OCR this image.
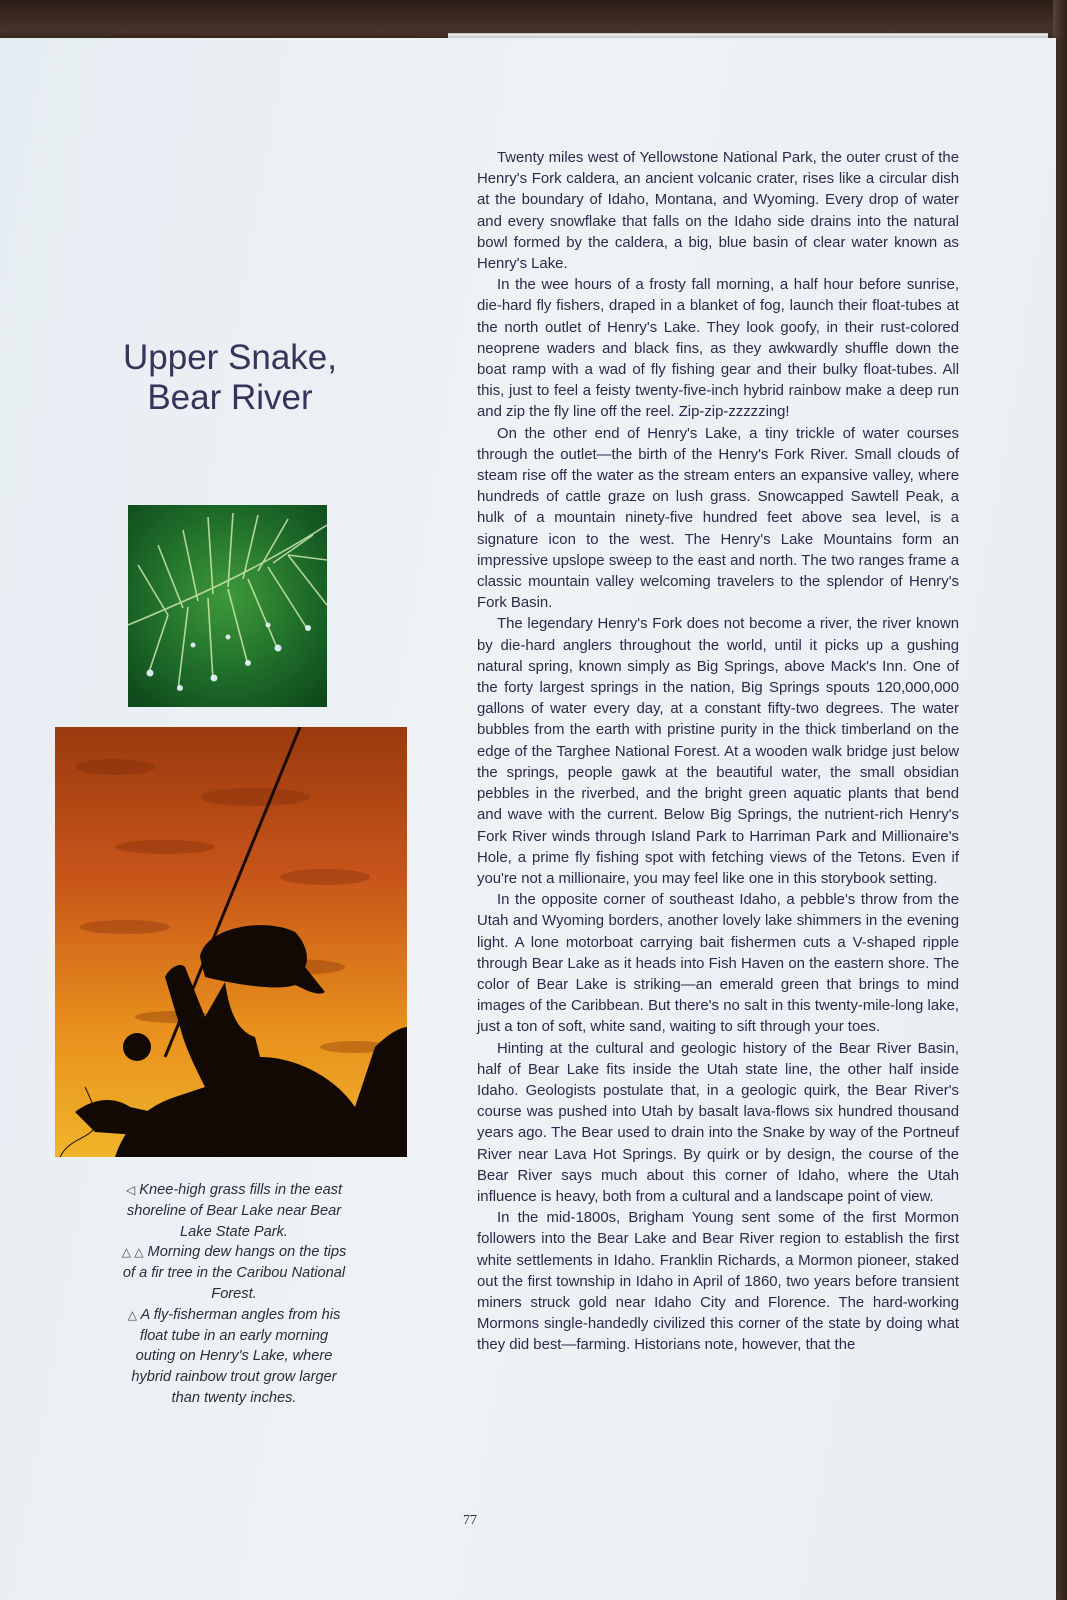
Upper Snake,
Bear River

◁ Knee-high grass fills in the east shoreline of Bear Lake near Bear Lake State Park.

△ △ Morning dew hangs on the tips of a fir tree in the Caribou National Forest.

△ A fly-fisherman angles from his float tube in an early morning outing on Henry's Lake, where hybrid rainbow trout grow larger than twenty inches.

Twenty miles west of Yellowstone National Park, the outer crust of the Henry's Fork caldera, an ancient volcanic crater, rises like a circular dish at the boundary of Idaho, Montana, and Wyoming. Every drop of water and every snowflake that falls on the Idaho side drains into the natural bowl formed by the caldera, a big, blue basin of clear water known as Henry's Lake.

In the wee hours of a frosty fall morning, a half hour before sunrise, die-hard fly fishers, draped in a blanket of fog, launch their float-tubes at the north outlet of Henry's Lake. They look goofy, in their rust-colored neoprene waders and black fins, as they awkwardly shuffle down the boat ramp with a wad of fly fishing gear and their bulky float-tubes. All this, just to feel a feisty twenty-five-inch hybrid rainbow make a deep run and zip the fly line off the reel. Zip-zip-zzzzzing!

On the other end of Henry's Lake, a tiny trickle of water courses through the outlet—the birth of the Henry's Fork River. Small clouds of steam rise off the water as the stream enters an expansive valley, where hundreds of cattle graze on lush grass. Snowcapped Sawtell Peak, a hulk of a mountain ninety-five hundred feet above sea level, is a signature icon to the west. The Henry's Lake Mountains form an impressive upslope sweep to the east and north. The two ranges frame a classic mountain valley welcoming travelers to the splendor of Henry's Fork Basin.

The legendary Henry's Fork does not become a river, the river known by die-hard anglers throughout the world, until it picks up a gushing natural spring, known simply as Big Springs, above Mack's Inn. One of the forty largest springs in the nation, Big Springs spouts 120,000,000 gallons of water every day, at a constant fifty-two degrees. The water bubbles from the earth with pristine purity in the thick timberland on the edge of the Targhee National Forest. At a wooden walk bridge just below the springs, people gawk at the beautiful water, the small obsidian pebbles in the riverbed, and the bright green aquatic plants that bend and wave with the current. Below Big Springs, the nutrient-rich Henry's Fork River winds through Island Park to Harriman Park and Millionaire's Hole, a prime fly fishing spot with fetching views of the Tetons. Even if you're not a millionaire, you may feel like one in this storybook setting.

In the opposite corner of southeast Idaho, a pebble's throw from the Utah and Wyoming borders, another lovely lake shimmers in the evening light. A lone motorboat carrying bait fishermen cuts a V-shaped ripple through Bear Lake as it heads into Fish Haven on the eastern shore. The color of Bear Lake is striking—an emerald green that brings to mind images of the Caribbean. But there's no salt in this twenty-mile-long lake, just a ton of soft, white sand, waiting to sift through your toes.

Hinting at the cultural and geologic history of the Bear River Basin, half of Bear Lake fits inside the Utah state line, the other half inside Idaho. Geologists postulate that, in a geologic quirk, the Bear River's course was pushed into Utah by basalt lava-flows six hundred thousand years ago. The Bear used to drain into the Snake by way of the Portneuf River near Lava Hot Springs. By quirk or by design, the course of the Bear River says much about this corner of Idaho, where the Utah influence is heavy, both from a cultural and a landscape point of view.

In the mid-1800s, Brigham Young sent some of the first Mormon followers into the Bear Lake and Bear River region to establish the first white settlements in Idaho. Franklin Richards, a Mormon pioneer, staked out the first township in Idaho in April of 1860, two years before transient miners struck gold near Idaho City and Florence. The hard-working Mormons single-handedly civilized this corner of the state by doing what they did best—farming. Historians note, however, that the

77
